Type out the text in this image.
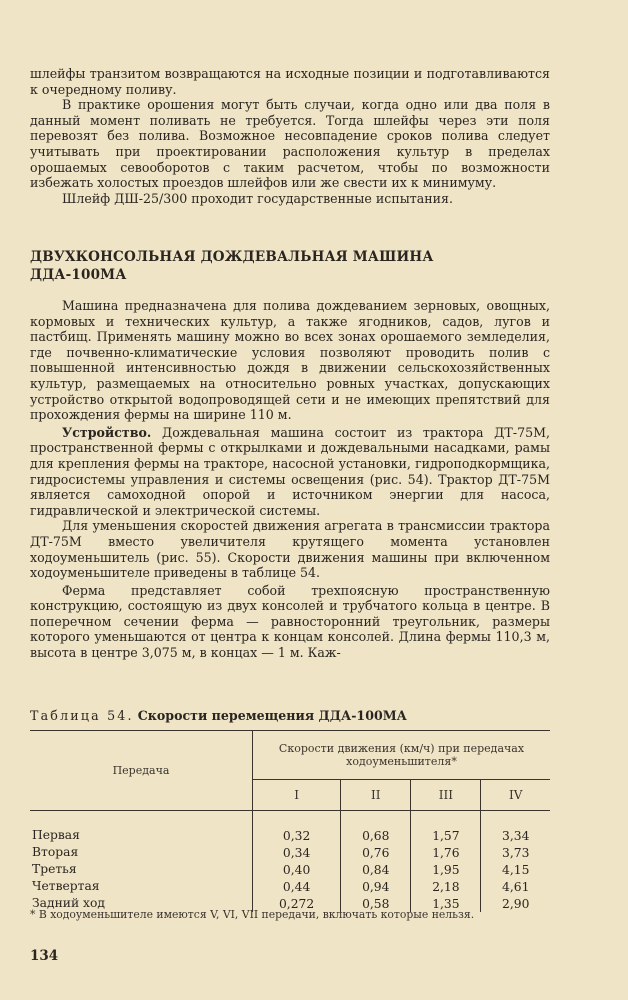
шлейфы транзитом возвращаются на исходные позиции и подготавливаются к очередному поливу.

В практике орошения могут быть случаи, когда одно или два поля в данный момент поливать не требуется. Тогда шлейфы через эти поля перевозят без полива. Возможное несовпадение сроков полива следует учитывать при проектировании расположения культур в пределах орошаемых севооборотов с таким расчетом, чтобы по возможности избежать холостых проездов шлейфов или же свести их к минимуму.

Шлейф ДШ-25/300 проходит государственные испытания.

ДВУХКОНСОЛЬНАЯ ДОЖДЕВАЛЬНАЯ МАШИНА
ДДА-100МА

Машина предназначена для полива дождеванием зерновых, овощных, кормовых и технических культур, а также ягодников, садов, лугов и пастбищ. Применять машину можно во всех зонах орошаемого земледелия, где почвенно-климатические условия позволяют проводить полив с повышенной интенсивностью дождя в движении сельскохозяйственных культур, размещаемых на относительно ровных участках, допускающих устройство открытой водопроводящей сети и не имеющих препятствий для прохождения фермы на ширине 110 м.

Устройство. Дождевальная машина состоит из трактора ДТ-75М, пространственной фермы с открылками и дождевальными насадками, рамы для крепления фермы на тракторе, насосной установки, гидроподкормщика, гидросистемы управления и системы освещения (рис. 54). Трактор ДТ-75М является самоходной опорой и источником энергии для насоса, гидравлической и электрической системы.

Для уменьшения скоростей движения агрегата в трансмиссии трактора ДТ-75М вместо увеличителя крутящего момента установлен ходоуменьшитель (рис. 55). Скорости движения машины при включенном ходоуменьшителе приведены в таблице 54.

Ферма представляет собой трехпоясную пространственную конструкцию, состоящую из двух консолей и трубчатого кольца в центре. В поперечном сечении ферма — равносторонний треугольник, размеры которого уменьшаются от центра к концам консолей. Длина фермы 110,3 м, высота в центре 3,075 м, в концах — 1 м. Каж-

Таблица 54. Скорости перемещения ДДА-100МА
Передача	Скорости движения (км/ч) при передачах ходоуменьшителя*			
	I	II	III	IV

Первая	0,32	0,68	1,57	3,34
Вторая	0,34	0,76	1,76	3,73
Третья	0,40	0,84	1,95	4,15
Четвертая	0,44	0,94	2,18	4,61
Задний ход	0,272	0,58	1,35	2,90
* В ходоуменьшителе имеются V, VI, VII передачи, включать которые нельзя.
134
